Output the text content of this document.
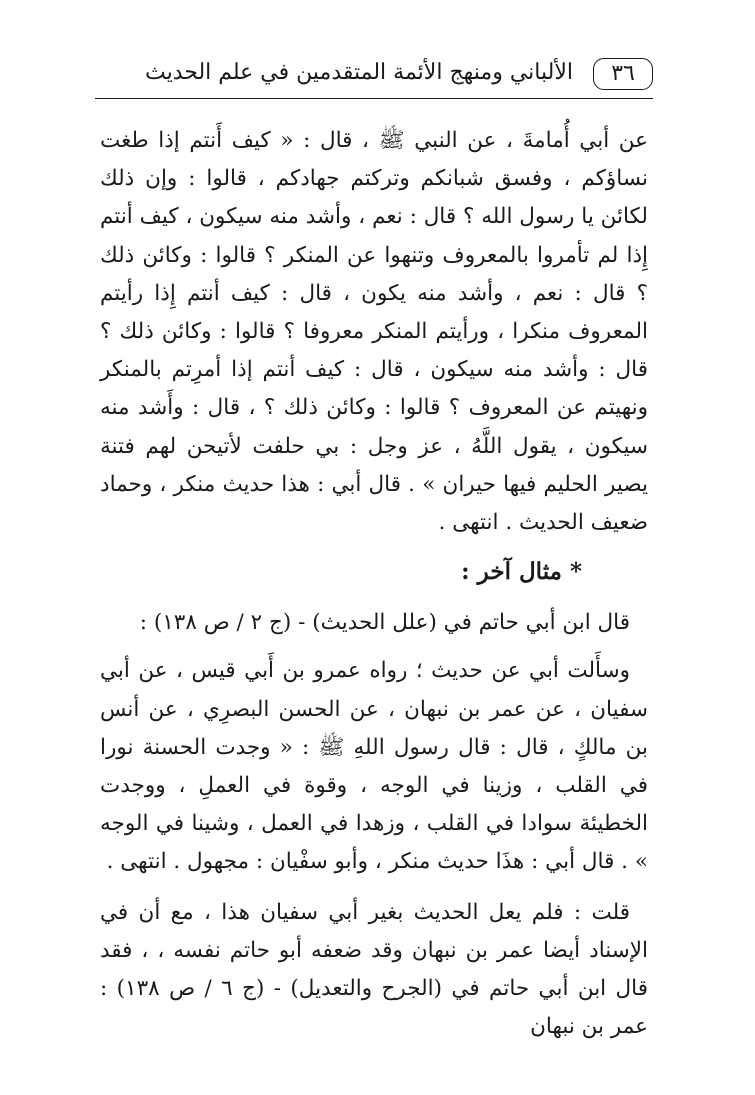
٣٦
الألباني ومنهج الأئمة المتقدمين في علم الحديث

عن أبي أُمامةَ ، عن النبي ﷺ ، قال : « كيف أَنتم إذا طغت نساؤكم ، وفسق شبانكم وتركتم جهادكم ، قالوا : وإن ذلك لكائن يا رسول الله ؟ قال : نعم ، وأشد منه سيكون ، كيف أنتم إِذا لم تأمروا بالمعروف وتنهوا عن المنكر ؟ قالوا : وكائن ذلك ؟ قال : نعم ، وأشد منه يكون ، قال : كيف أنتم إِذا رأيتم المعروف منكرا ، ورأيتم المنكر معروفا ؟ قالوا : وكائن ذلك ؟ قال : وأشد منه سيكون ، قال : كيف أنتم إذا أمرِتم بالمنكر ونهيتم عن المعروف ؟ قالوا : وكائن ذلك ؟ ، قال : وأَشد منه سيكون ، يقول اللَّهُ ، عز وجل : بي حلفت لأتيحن لهم فتنة يصير الحليم فيها حيران » . قال أبي : هذا حديث منكر ، وحماد ضعيف الحديث . انتهى .

* مثال آخر :

قال ابن أبي حاتم في (علل الحديث) - (ج ٢ / ص ١٣٨) :

وسأَلت أبي عن حديث ؛ رواه عمرو بن أَبي قيس ، عن أبي سفيان ، عن عمر بن نبهان ، عن الحسن البصرِي ، عن أنس بن مالكٍ ، قال : قال رسول اللهِ ﷺ : « وجدت الحسنة نورا في القلب ، وزينا في الوجه ، وقوة في العملِ ، ووجدت الخطيئة سوادا في القلب ، وزهدا في العمل ، وشينا في الوجه » . قال أبي : هذَا حديث منكر ، وأبو سفْيان : مجهول . انتهى .

قلت : فلم يعل الحديث بغير أبي سفيان هذا ، مع أن في الإسناد أيضا عمر بن نبهان وقد ضعفه أبو حاتم نفسه ، ، فقد قال ابن أبي حاتم في (الجرح والتعديل) - (ج ٦ / ص ١٣٨) : عمر بن نبهان
